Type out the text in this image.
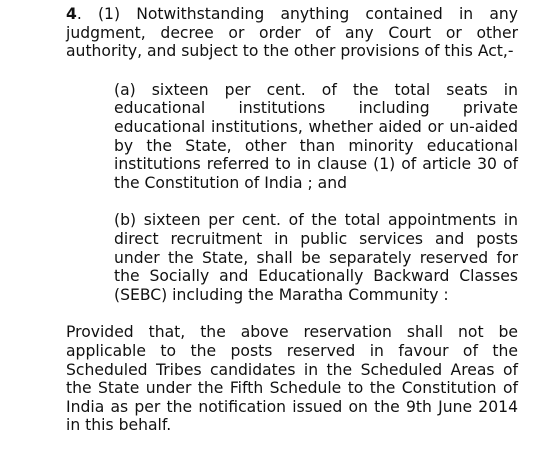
4. (1) Notwithstanding anything contained in any judgment, decree or order of any Court or other authority, and subject to the other provisions of this Act,-

(a) sixteen per cent. of the total seats in educational institutions including private educational institutions, whether aided or un-aided by the State, other than minority educational institutions referred to in clause (1) of article 30 of the Constitution of India ; and

(b) sixteen per cent. of the total appointments in direct recruitment in public services and posts under the State, shall be separately reserved for the Socially and Educationally Backward Classes (SEBC) including the Maratha Community :

Provided that, the above reservation shall not be applicable to the posts reserved in favour of the Scheduled Tribes candidates in the Scheduled Areas of the State under the Fifth Schedule to the Constitution of India as per the notification issued on the 9th June 2014 in this behalf.
